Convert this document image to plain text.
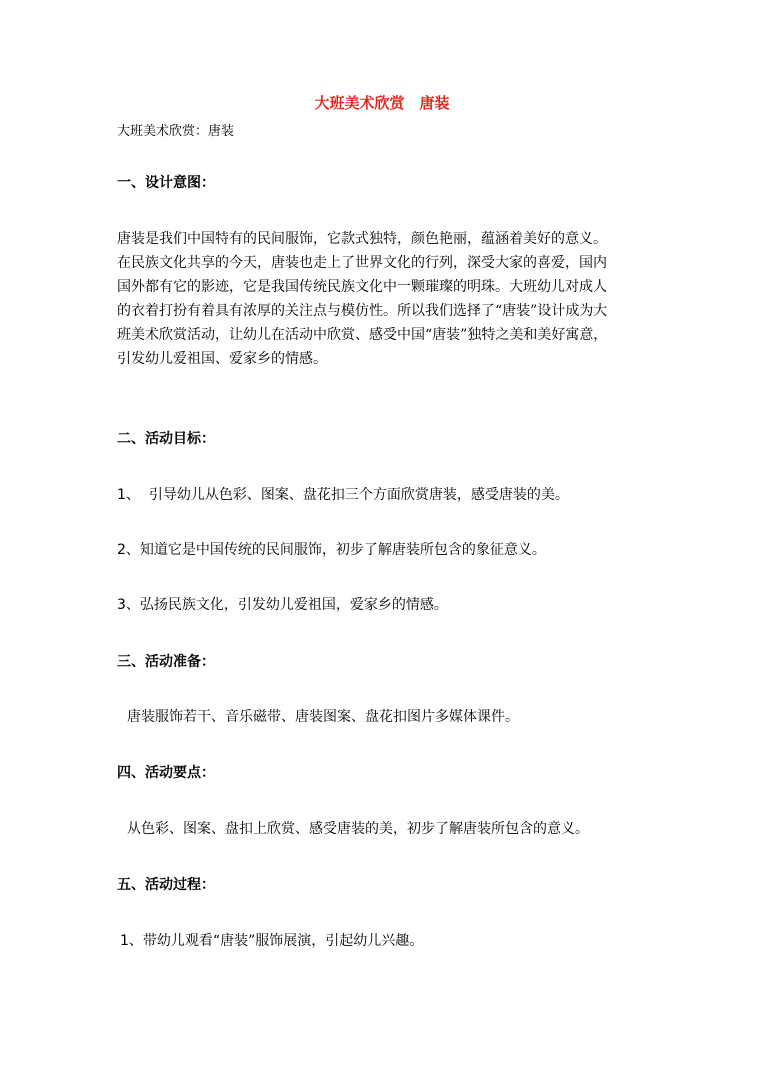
大班美术欣赏　唐装
大班美术欣赏：唐装
一、设计意图：
唐装是我们中国特有的民间服饰，它款式独特，颜色艳丽，蕴涵着美好的意义。
在民族文化共享的今天，唐装也走上了世界文化的行列，深受大家的喜爱，国内
国外都有它的影迹，它是我国传统民族文化中一颗璀璨的明珠。大班幼儿对成人
的衣着打扮有着具有浓厚的关注点与模仿性。所以我们选择了“唐装”设计成为大
班美术欣赏活动，让幼儿在活动中欣赏、感受中国“唐装”独特之美和美好寓意，
引发幼儿爱祖国、爱家乡的情感。
二、活动目标：
1、  引导幼儿从色彩、图案、盘花扣三个方面欣赏唐装，感受唐装的美。
2、知道它是中国传统的民间服饰，初步了解唐装所包含的象征意义。
3、弘扬民族文化，引发幼儿爱祖国，爱家乡的情感。
三、活动准备：
唐装服饰若干、音乐磁带、唐装图案、盘花扣图片多媒体课件。
四、活动要点：
从色彩、图案、盘扣上欣赏、感受唐装的美，初步了解唐装所包含的意义。
五、活动过程：
1、带幼儿观看“唐装”服饰展演，引起幼儿兴趣。
